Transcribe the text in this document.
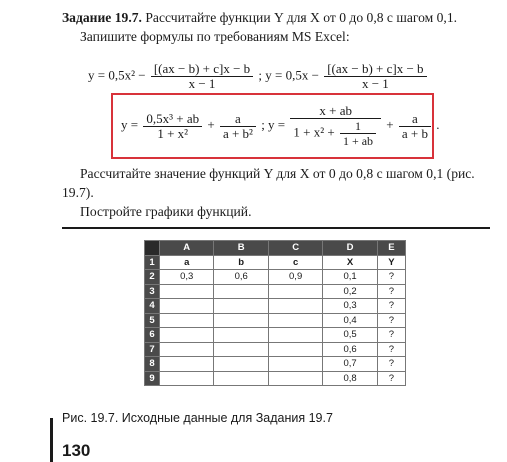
Задание 19.7. Рассчитайте функции Y для X от 0 до 0,8 с шагом 0,1.
Запишите формулы по требованиям MS Excel:
$y = 0,5x^2 - \frac{[(ax - b) + c]x - b}{x - 1}$ ; $y = 0,5x - \frac{[(ax - b) + c]x - b}{x - 1}$
$y = \frac{\text{0,5x³ + ab}}{\text{1 + x²}} + \frac{a}{\text{a + b²}}$ ; $y = \frac{x + ab}{1 + x^2 + \frac{1}{1 + ab}} + \frac{a}{a + b}$ .
Рассчитайте значение функций Y для X от 0 до 0,8 с шагом 0,1 (рис. 19.7).
Постройте графики функций.
	A	B	C	D	E
1	a	b	c	X	Y
2	0,3	0,6	0,9	0,1	?
3				0,2	?
4				0,3	?
5				0,4	?
6				0,5	?
7				0,6	?
8				0,7	?
9				0,8	?
Рис. 19.7. Исходные данные для Задания 19.7
130
